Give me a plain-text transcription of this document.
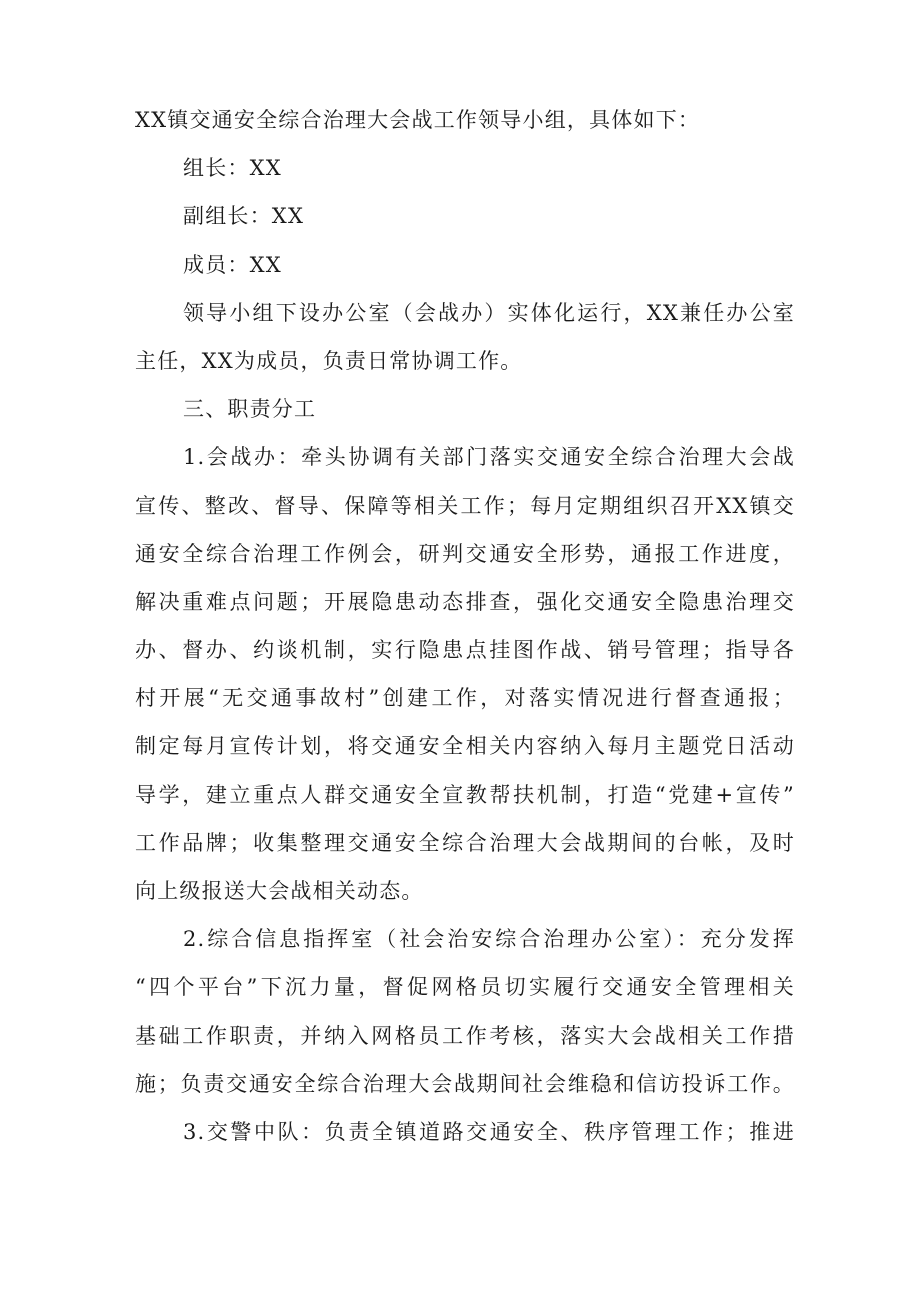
XX镇交通安全综合治理大会战工作领导小组，具体如下：
组长：XX
副组长：XX
成员：XX
领导小组下设办公室（会战办）实体化运行，XX兼任办公室
主任，XX为成员，负责日常协调工作。
三、职责分工
1.会战办：牵头协调有关部门落实交通安全综合治理大会战
宣传、整改、督导、保障等相关工作；每月定期组织召开XX镇交
通安全综合治理工作例会，研判交通安全形势，通报工作进度，
解决重难点问题；开展隐患动态排查，强化交通安全隐患治理交
办、督办、约谈机制，实行隐患点挂图作战、销号管理；指导各
村开展“无交通事故村”创建工作，对落实情况进行督查通报；
制定每月宣传计划，将交通安全相关内容纳入每月主题党日活动
导学，建立重点人群交通安全宣教帮扶机制，打造“党建+宣传”
工作品牌；收集整理交通安全综合治理大会战期间的台帐，及时
向上级报送大会战相关动态。
2.综合信息指挥室（社会治安综合治理办公室）：充分发挥
“四个平台”下沉力量，督促网格员切实履行交通安全管理相关
基础工作职责，并纳入网格员工作考核，落实大会战相关工作措
施；负责交通安全综合治理大会战期间社会维稳和信访投诉工作。
3.交警中队：负责全镇道路交通安全、秩序管理工作；推进
